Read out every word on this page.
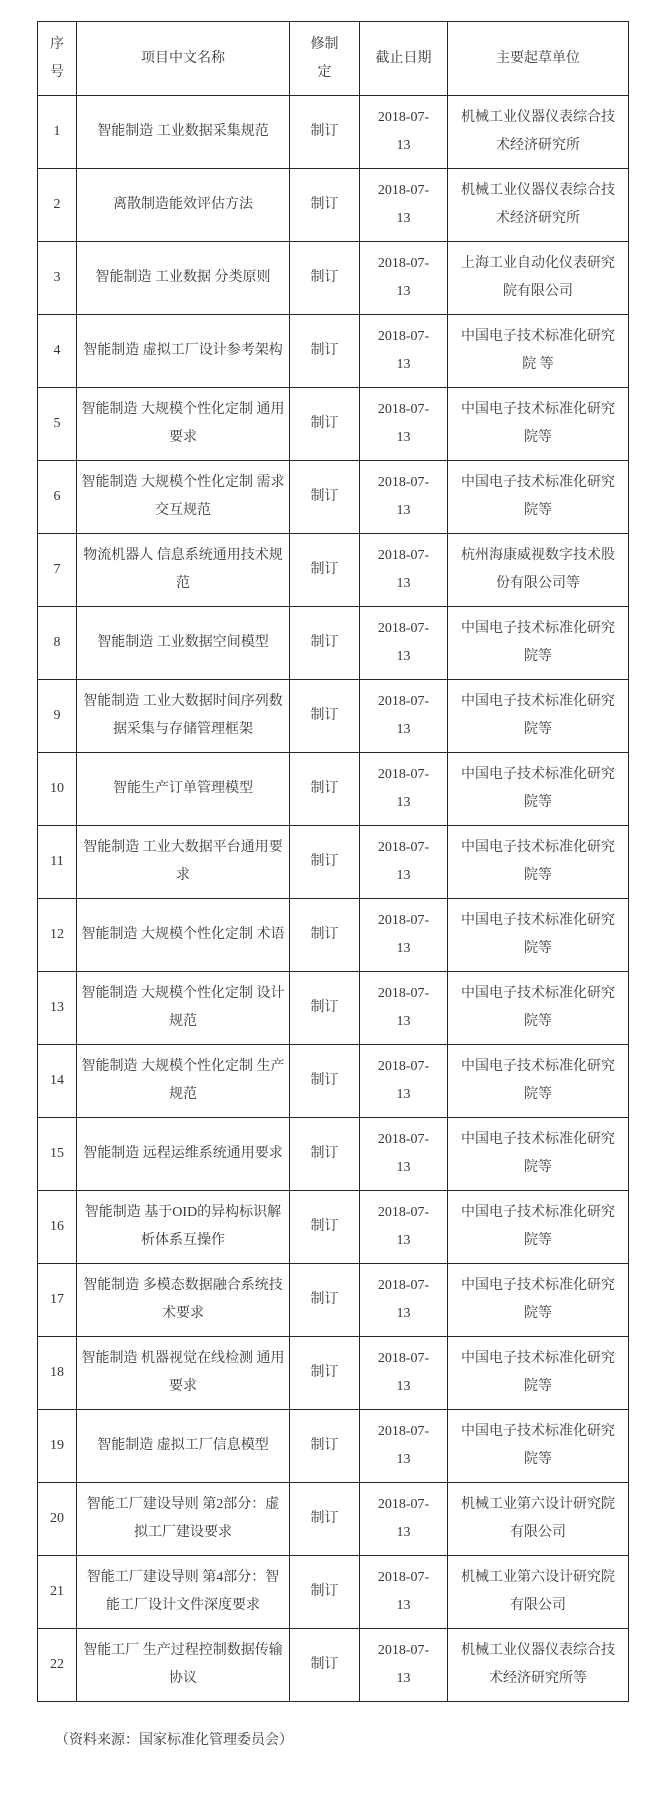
序号	项目中文名称	修制定	截止日期	主要起草单位
1	智能制造 工业数据采集规范	制订	2018-07-13	机械工业仪器仪表综合技术经济研究所
2	离散制造能效评估方法	制订	2018-07-13	机械工业仪器仪表综合技术经济研究所
3	智能制造 工业数据 分类原则	制订	2018-07-13	上海工业自动化仪表研究院有限公司
4	智能制造 虚拟工厂设计参考架构	制订	2018-07-13	中国电子技术标准化研究院 等
5	智能制造 大规模个性化定制 通用要求	制订	2018-07-13	中国电子技术标准化研究院等
6	智能制造 大规模个性化定制 需求交互规范	制订	2018-07-13	中国电子技术标准化研究院等
7	物流机器人 信息系统通用技术规范	制订	2018-07-13	杭州海康威视数字技术股份有限公司等
8	智能制造 工业数据空间模型	制订	2018-07-13	中国电子技术标准化研究院等
9	智能制造 工业大数据时间序列数据采集与存储管理框架	制订	2018-07-13	中国电子技术标准化研究院等
10	智能生产订单管理模型	制订	2018-07-13	中国电子技术标准化研究院等
11	智能制造 工业大数据平台通用要求	制订	2018-07-13	中国电子技术标准化研究院等
12	智能制造 大规模个性化定制 术语	制订	2018-07-13	中国电子技术标准化研究院等
13	智能制造 大规模个性化定制 设计规范	制订	2018-07-13	中国电子技术标准化研究院等
14	智能制造 大规模个性化定制 生产规范	制订	2018-07-13	中国电子技术标准化研究院等
15	智能制造 远程运维系统通用要求	制订	2018-07-13	中国电子技术标准化研究院等
16	智能制造 基于OID的异构标识解析体系互操作	制订	2018-07-13	中国电子技术标准化研究院等
17	智能制造 多模态数据融合系统技术要求	制订	2018-07-13	中国电子技术标准化研究院等
18	智能制造 机器视觉在线检测 通用要求	制订	2018-07-13	中国电子技术标准化研究院等
19	智能制造 虚拟工厂信息模型	制订	2018-07-13	中国电子技术标准化研究院等
20	智能工厂建设导则 第2部分：虚拟工厂建设要求	制订	2018-07-13	机械工业第六设计研究院有限公司
21	智能工厂建设导则 第4部分：智能工厂设计文件深度要求	制订	2018-07-13	机械工业第六设计研究院有限公司
22	智能工厂 生产过程控制数据传输协议	制订	2018-07-13	机械工业仪器仪表综合技术经济研究所等

（资料来源：国家标准化管理委员会）
